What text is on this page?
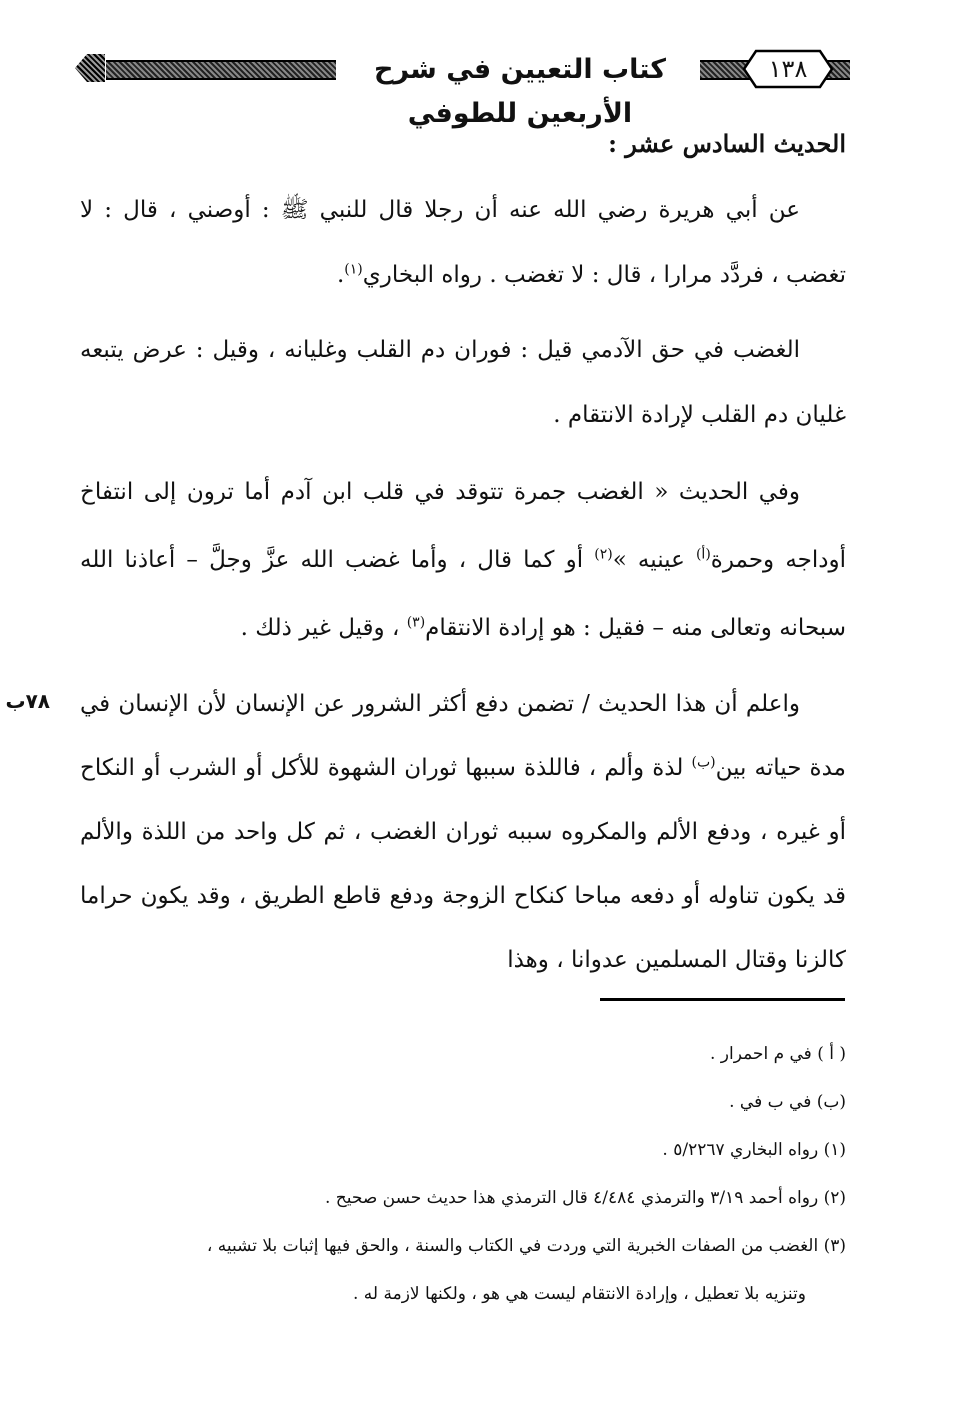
كتاب التعيين في شرح الأربعين للطوفي
١٣٨
الحديث السادس عشر :
٧٨ب

عن أبي هريرة رضي الله عنه أن رجلا قال للنبي ﷺ : أوصني ، قال : لا تغضب ، فردَّد مرارا ، قال : لا تغضب . رواه البخاري$^{(١)}$.

الغضب في حق الآدمي قيل : فوران دم القلب وغليانه ، وقيل : عرض يتبعه غليان دم القلب لإرادة الانتقام .

وفي الحديث « الغضب جمرة تتوقد في قلب ابن آدم أما ترون إلى انتفاخ أوداجه وحمرة$^{(أ)}$ عينيه »$^{(٢)}$ أو كما قال ، وأما غضب الله عزَّ وجلَّ – أعاذنا الله سبحانه وتعالى منه – فقيل : هو إرادة الانتقام$^{(٣)}$ ، وقيل غير ذلك .

واعلم أن هذا الحديث / تضمن دفع أكثر الشرور عن الإنسان لأن الإنسان في مدة حياته بين$^{(ب)}$ لذة وألم ، فاللذة سببها ثوران الشهوة للأكل أو الشرب أو النكاح أو غيره ، ودفع الألم والمكروه سببه ثوران الغضب ، ثم كل واحد من اللذة والألم قد يكون تناوله أو دفعه مباحا كنكاح الزوجة ودفع قاطع الطريق ، وقد يكون حراما كالزنا وقتال المسلمين عدوانا ، وهذا

( أ ) في م احمرار .

(ب) في ب في .

(١) رواه البخاري ٥/٢٢٦٧ .

(٢) رواه أحمد ٣/١٩ والترمذي ٤/٤٨٤ قال الترمذي هذا حديث حسن صحيح .

(٣) الغضب من الصفات الخبرية التي وردت في الكتاب والسنة ، والحق فيها إثبات بلا تشبيه ،

وتنزيه بلا تعطيل ، وإرادة الانتقام ليست هي هو ، ولكنها لازمة له .
